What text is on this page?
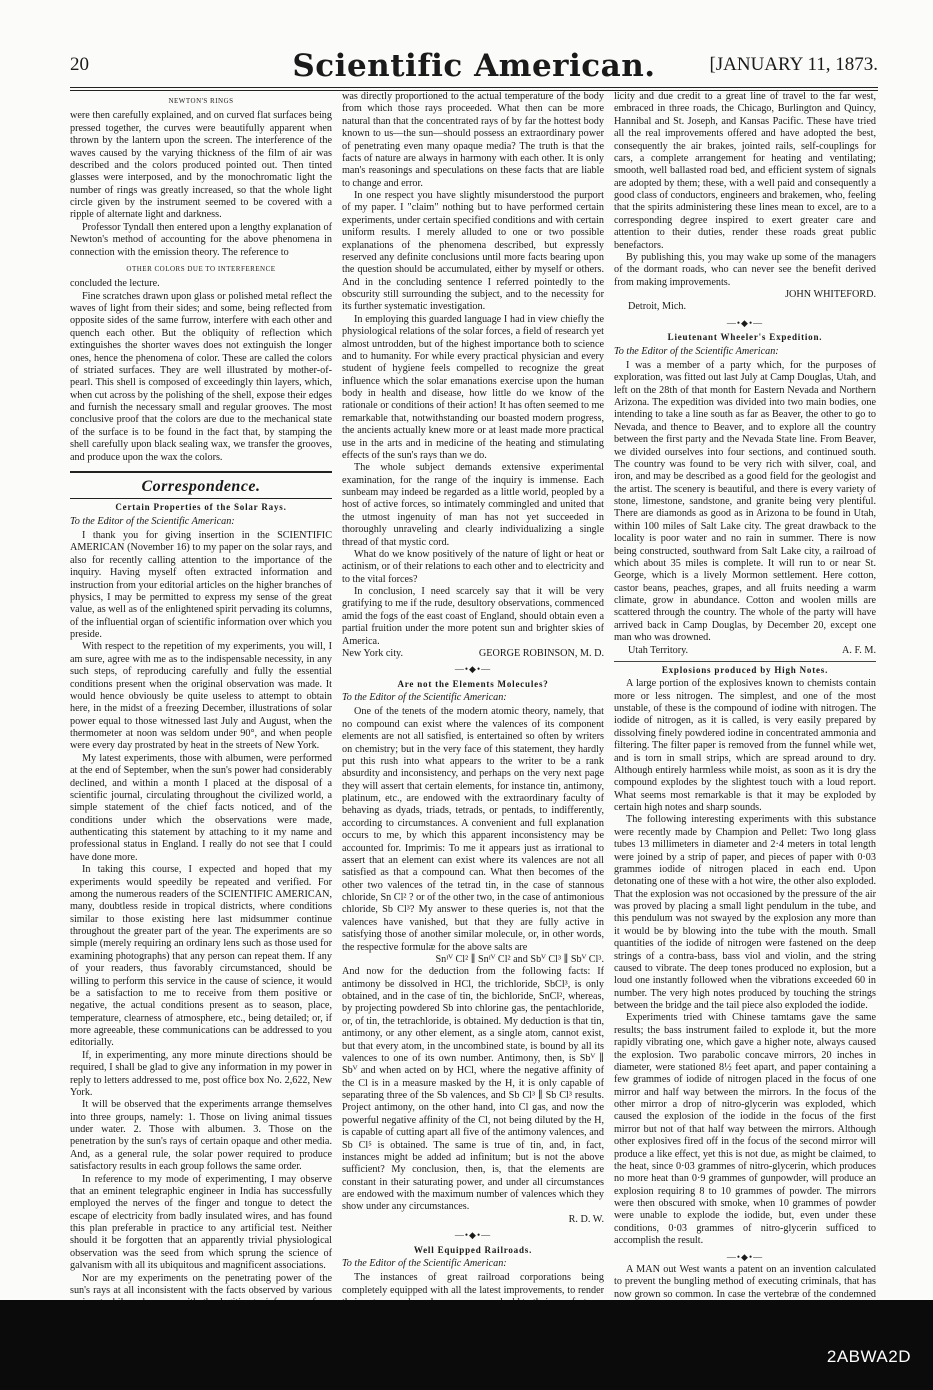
20	Scientific American.	[JANUARY 11, 1873.
NEWTON'S RINGS

were then carefully explained, and on curved flat surfaces being pressed together, the curves were beautifully apparent when thrown by the lantern upon the screen. The interference of the waves caused by the varying thickness of the film of air was described and the colors produced pointed out. Then tinted glasses were interposed, and by the monochromatic light the number of rings was greatly increased, so that the whole light circle given by the instrument seemed to be covered with a ripple of alternate light and darkness.

Professor Tyndall then entered upon a lengthy explanation of Newton's method of accounting for the above phenomena in connection with the emission theory. The reference to

OTHER COLORS DUE TO INTERFERENCE

concluded the lecture.

Fine scratches drawn upon glass or polished metal reflect the waves of light from their sides; and some, being reflected from opposite sides of the same furrow, interfere with each other and quench each other. But the obliquity of reflection which extinguishes the shorter waves does not extinguish the longer ones, hence the phenomena of color. These are called the colors of striated surfaces. They are well illustrated by mother-of-pearl. This shell is composed of exceedingly thin layers, which, when cut across by the polishing of the shell, expose their edges and furnish the necessary small and regular grooves. The most conclusive proof that the colors are due to the mechanical state of the surface is to be found in the fact that, by stamping the shell carefully upon black sealing wax, we transfer the grooves, and produce upon the wax the colors.

Correspondence.
Certain Properties of the Solar Rays.
To the Editor of the Scientific American:

I thank you for giving insertion in the SCIENTIFIC AMERICAN (November 16) to my paper on the solar rays, and also for recently calling attention to the importance of the inquiry. Having myself often extracted information and instruction from your editorial articles on the higher branches of physics, I may be permitted to express my sense of the great value, as well as of the enlightened spirit pervading its columns, of the influential organ of scientific information over which you preside.

With respect to the repetition of my experiments, you will, I am sure, agree with me as to the indispensable necessity, in any such steps, of reproducing carefully and fully the essential conditions present when the original observation was made. It would hence obviously be quite useless to attempt to obtain here, in the midst of a freezing December, illustrations of solar power equal to those witnessed last July and August, when the thermometer at noon was seldom under 90°, and when people were every day prostrated by heat in the streets of New York.

My latest experiments, those with albumen, were performed at the end of September, when the sun's power had considerably declined, and within a month I placed at the disposal of a scientific journal, circulating throughout the civilized world, a simple statement of the chief facts noticed, and of the conditions under which the observations were made, authenticating this statement by attaching to it my name and professional status in England. I really do not see that I could have done more.

In taking this course, I expected and hoped that my experiments would speedily be repeated and verified. For among the numerous readers of the SCIENTIFIC AMERICAN, many, doubtless reside in tropical districts, where conditions similar to those existing here last midsummer continue throughout the greater part of the year. The experiments are so simple (merely requiring an ordinary lens such as those used for examining photographs) that any person can repeat them. If any of your readers, thus favorably circumstanced, should be willing to perform this service in the cause of science, it would be a satisfaction to me to receive from them positive or negative, the actual conditions present as to season, place, temperature, clearness of atmosphere, etc., being detailed; or, if more agreeable, these communications can be addressed to you editorially.

If, in experimenting, any more minute directions should be required, I shall be glad to give any information in my power in reply to letters addressed to me, post office box No. 2,622, New York.

It will be observed that the experiments arrange themselves into three groups, namely: 1. Those on living animal tissues under water. 2. Those with albumen. 3. Those on the penetration by the sun's rays of certain opaque and other media. And, as a general rule, the solar power required to produce satisfactory results in each group follows the same order.

In reference to my mode of experimenting, I may observe that an eminent telegraphic engineer in India has successfully employed the nerves of the finger and tongue to detect the escape of electricity from badly insulated wires, and has found this plan preferable in practice to any artificial test. Neither should it be forgotten that an apparently trivial physiological observation was the seed from which sprung the science of galvanism with all its ubiquitous and magnificent associations.

Nor are my experiments on the penetrating power of the sun's rays at all inconsistent with the facts observed by various

was directly proportioned to the actual temperature of the body from which those rays proceeded. What then can be more natural than that the concentrated rays of by far the hottest body known to us—the sun—should possess an extraordinary power of penetrating even many opaque media? The truth is that the facts of nature are always in harmony with each other. It is only man's reasonings and speculations on these facts that are liable to change and error.

In one respect you have slightly misunderstood the purport of my paper. I "claim" nothing but to have performed certain experiments, under certain specified conditions and with certain uniform results. I merely alluded to one or two possible explanations of the phenomena described, but expressly reserved any definite conclusions until more facts bearing upon the question should be accumulated, either by myself or others. And in the concluding sentence I referred pointedly to the obscurity still surrounding the subject, and to the necessity for its further systematic investigation.

In employing this guarded language I had in view chiefly the physiological relations of the solar forces, a field of research yet almost untrodden, but of the highest importance both to science and to humanity. For while every practical physician and every student of hygiene feels compelled to recognize the great influence which the solar emanations exercise upon the human body in health and disease, how little do we know of the rationale or conditions of their action! It has often seemed to me remarkable that, notwithstanding our boasted modern progress, the ancients actually knew more or at least made more practical use in the arts and in medicine of the heating and stimulating effects of the sun's rays than we do.

The whole subject demands extensive experimental examination, for the range of the inquiry is immense. Each sunbeam may indeed be regarded as a little world, peopled by a host of active forces, so intimately commingled and united that the utmost ingenuity of man has not yet succeeded in thoroughly unraveling and clearly individualizing a single thread of that mystic cord.

What do we know positively of the nature of light or heat or actinism, or of their relations to each other and to electricity and to the vital forces?

In conclusion, I need scarcely say that it will be very gratifying to me if the rude, desultory observations, commenced amid the fogs of the east coast of England, should obtain even a partial fruition under the more potent sun and brighter skies of America.

New York city.	GEORGE ROBINSON, M. D.
—•◆•—
Are not the Elements Molecules?
To the Editor of the Scientific American:

One of the tenets of the modern atomic theory, namely, that no compound can exist where the valences of its component elements are not all satisfied, is entertained so often by writers on chemistry; but in the very face of this statement, they hardly put this rush into what appears to the writer to be a rank absurdity and inconsistency, and perhaps on the very next page they will assert that certain elements, for instance tin, antimony, platinum, etc., are endowed with the extraordinary faculty of behaving as dyads, triads, tetrads, or pentads, to indifferently, according to circumstances. A convenient and full explanation occurs to me, by which this apparent inconsistency may be accounted for. Imprimis: To me it appears just as irrational to assert that an element can exist where its valences are not all satisfied as that a compound can. What then becomes of the other two valences of the tetrad tin, in the case of stannous chloride, Sn Cl² ? or of the other two, in the case of antimonious chloride, Sb Cl³? My answer to these queries is, not that the valences have vanished, but that they are fully active in satisfying those of another similar molecule, or, in other words, the respective formulæ for the above salts are

Snᴵⱽ Cl² ∥ Snᴵⱽ Cl² and Sbⱽ Cl³ ∥ Sbⱽ Cl³.

And now for the deduction from the following facts: If antimony be dissolved in HCl, the trichloride, SbCl³, is only obtained, and in the case of tin, the bichloride, SnCl², whereas, by projecting powdered Sb into chlorine gas, the pentachloride, or, of tin, the tetrachloride, is obtained. My deduction is that tin, antimony, or any other element, as a single atom, cannot exist, but that every atom, in the uncombined state, is bound by all its valences to one of its own number. Antimony, then, is Sbⱽ ∥ Sbⱽ and when acted on by HCl, where the negative affinity of the Cl is in a measure masked by the H, it is only capable of separating three of the Sb valences, and Sb Cl³ ∥ Sb Cl³ results. Project antimony, on the other hand, into Cl gas, and now the powerful negative affinity of the Cl, not being diluted by the H, is capable of cutting apart all five of the antimony valences, and Sb Cl⁵ is obtained. The same is true of tin, and, in fact, instances might be added ad infinitum; but is not the above sufficient? My conclusion, then, is, that the elements are constant in their saturating power, and under all circumstances are endowed with the maximum number of valences which they show under any circumstances.

R. D. W.
—•◆•—
Well Equipped Railroads.
To the Editor of the Scientific American:

The instances of great railroad corporations being completely equipped with all the latest improvements, to render

licity and due credit to a great line of travel to the far west, embraced in three roads, the Chicago, Burlington and Quincy, Hannibal and St. Joseph, and Kansas Pacific. These have tried all the real improvements offered and have adopted the best, consequently the air brakes, jointed rails, self-couplings for cars, a complete arrangement for heating and ventilating; smooth, well ballasted road bed, and efficient system of signals are adopted by them; these, with a well paid and consequently a good class of conductors, engineers and brakemen, who, feeling that the spirits administering these lines mean to excel, are to a corresponding degree inspired to exert greater care and attention to their duties, render these roads great public benefactors.

By publishing this, you may wake up some of the managers of the dormant roads, who can never see the benefit derived from making improvements.

JOHN WHITEFORD.
Detroit, Mich.
—•◆•—
Lieutenant Wheeler's Expedition.
To the Editor of the Scientific American:

I was a member of a party which, for the purposes of exploration, was fitted out last July at Camp Douglas, Utah, and left on the 28th of that month for Eastern Nevada and Northern Arizona. The expedition was divided into two main bodies, one intending to take a line south as far as Beaver, the other to go to Nevada, and thence to Beaver, and to explore all the country between the first party and the Nevada State line. From Beaver, we divided ourselves into four sections, and continued south. The country was found to be very rich with silver, coal, and iron, and may be described as a good field for the geologist and the artist. The scenery is beautiful, and there is every variety of stone, limestone, sandstone, and granite being very plentiful. There are diamonds as good as in Arizona to be found in Utah, within 100 miles of Salt Lake city. The great drawback to the locality is poor water and no rain in summer. There is now being constructed, southward from Salt Lake city, a railroad of which about 35 miles is complete. It will run to or near St. George, which is a lively Mormon settlement. Here cotton, castor beans, peaches, grapes, and all fruits needing a warm climate, grow in abundance. Cotton and woolen mills are scattered through the country. The whole of the party will have arrived back in Camp Douglas, by December 20, except one man who was drowned.

Utah Territory.	A. F. M.
Explosions produced by High Notes.

A large portion of the explosives known to chemists contain more or less nitrogen. The simplest, and one of the most unstable, of these is the compound of iodine with nitrogen. The iodide of nitrogen, as it is called, is very easily prepared by dissolving finely powdered iodine in concentrated ammonia and filtering. The filter paper is removed from the funnel while wet, and is torn in small strips, which are spread around to dry. Although entirely harmless while moist, as soon as it is dry the compound explodes by the slightest touch with a loud report. What seems most remarkable is that it may be exploded by certain high notes and sharp sounds.

The following interesting experiments with this substance were recently made by Champion and Pellet: Two long glass tubes 13 millimeters in diameter and 2·4 meters in total length were joined by a strip of paper, and pieces of paper with 0·03 grammes iodide of nitrogen placed in each end. Upon detonating one of these with a hot wire, the other also exploded. That the explosion was not occasioned by the pressure of the air was proved by placing a small light pendulum in the tube, and this pendulum was not swayed by the explosion any more than it would be by blowing into the tube with the mouth. Small quantities of the iodide of nitrogen were fastened on the deep strings of a contra-bass, bass viol and violin, and the string caused to vibrate. The deep tones produced no explosion, but a loud one instantly followed when the vibrations exceeded 60 in number. The very high notes produced by touching the strings between the bridge and the tail piece also exploded the iodide.

Experiments tried with Chinese tamtams gave the same results; the bass instrument failed to explode it, but the more rapidly vibrating one, which gave a higher note, always caused the explosion. Two parabolic concave mirrors, 20 inches in diameter, were stationed 8½ feet apart, and paper containing a few grammes of iodide of nitrogen placed in the focus of one mirror and half way between the mirrors. In the focus of the other mirror a drop of nitro-glycerin was exploded, which caused the explosion of the iodide in the focus of the first mirror but not of that half way between the mirrors. Although other explosives fired off in the focus of the second mirror will produce a like effect, yet this is not due, as might be claimed, to the heat, since 0·03 grammes of nitro-glycerin, which produces no more heat than 0·9 grammes of gunpowder, will produce an explosion requiring 8 to 10 grammes of powder. The mirrors were then obscured with smoke, when 10 grammes of powder were unable to explode the iodide, but, even under these conditions, 0·03 grammes of nitro-glycerin sufficed to accomplish the result.

—•◆•—

A MAN out West wants a patent on an invention calculated to prevent the bungling method of executing criminals, that has now grown so common. In case the vertebræ of the condemned

2ABWA2D
